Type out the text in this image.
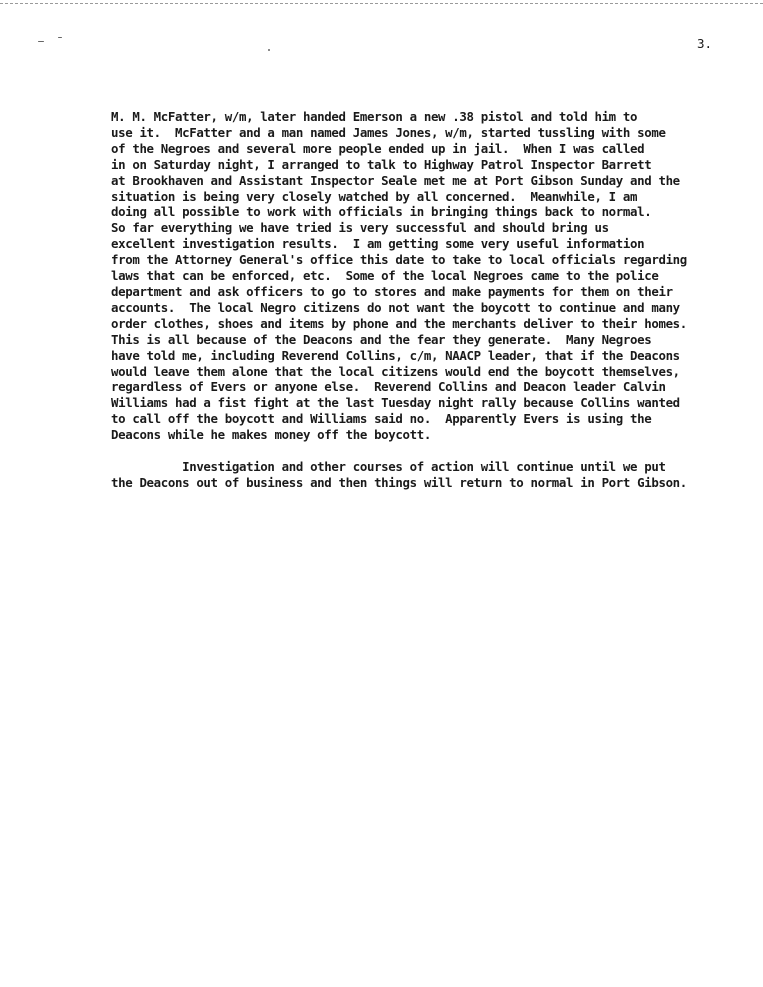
3.
M. M. McFatter, w/m, later handed Emerson a new .38 pistol and told him to
use it.  McFatter and a man named James Jones, w/m, started tussling with some
of the Negroes and several more people ended up in jail.  When I was called
in on Saturday night, I arranged to talk to Highway Patrol Inspector Barrett
at Brookhaven and Assistant Inspector Seale met me at Port Gibson Sunday and the
situation is being very closely watched by all concerned.  Meanwhile, I am
doing all possible to work with officials in bringing things back to normal.
So far everything we have tried is very successful and should bring us
excellent investigation results.  I am getting some very useful information
from the Attorney General's office this date to take to local officials regarding
laws that can be enforced, etc.  Some of the local Negroes came to the police
department and ask officers to go to stores and make payments for them on their
accounts.  The local Negro citizens do not want the boycott to continue and many
order clothes, shoes and items by phone and the merchants deliver to their homes.
This is all because of the Deacons and the fear they generate.  Many Negroes
have told me, including Reverend Collins, c/m, NAACP leader, that if the Deacons
would leave them alone that the local citizens would end the boycott themselves,
regardless of Evers or anyone else.  Reverend Collins and Deacon leader Calvin
Williams had a fist fight at the last Tuesday night rally because Collins wanted
to call off the boycott and Williams said no.  Apparently Evers is using the
Deacons while he makes money off the boycott.
Investigation and other courses of action will continue until we put
the Deacons out of business and then things will return to normal in Port Gibson.
